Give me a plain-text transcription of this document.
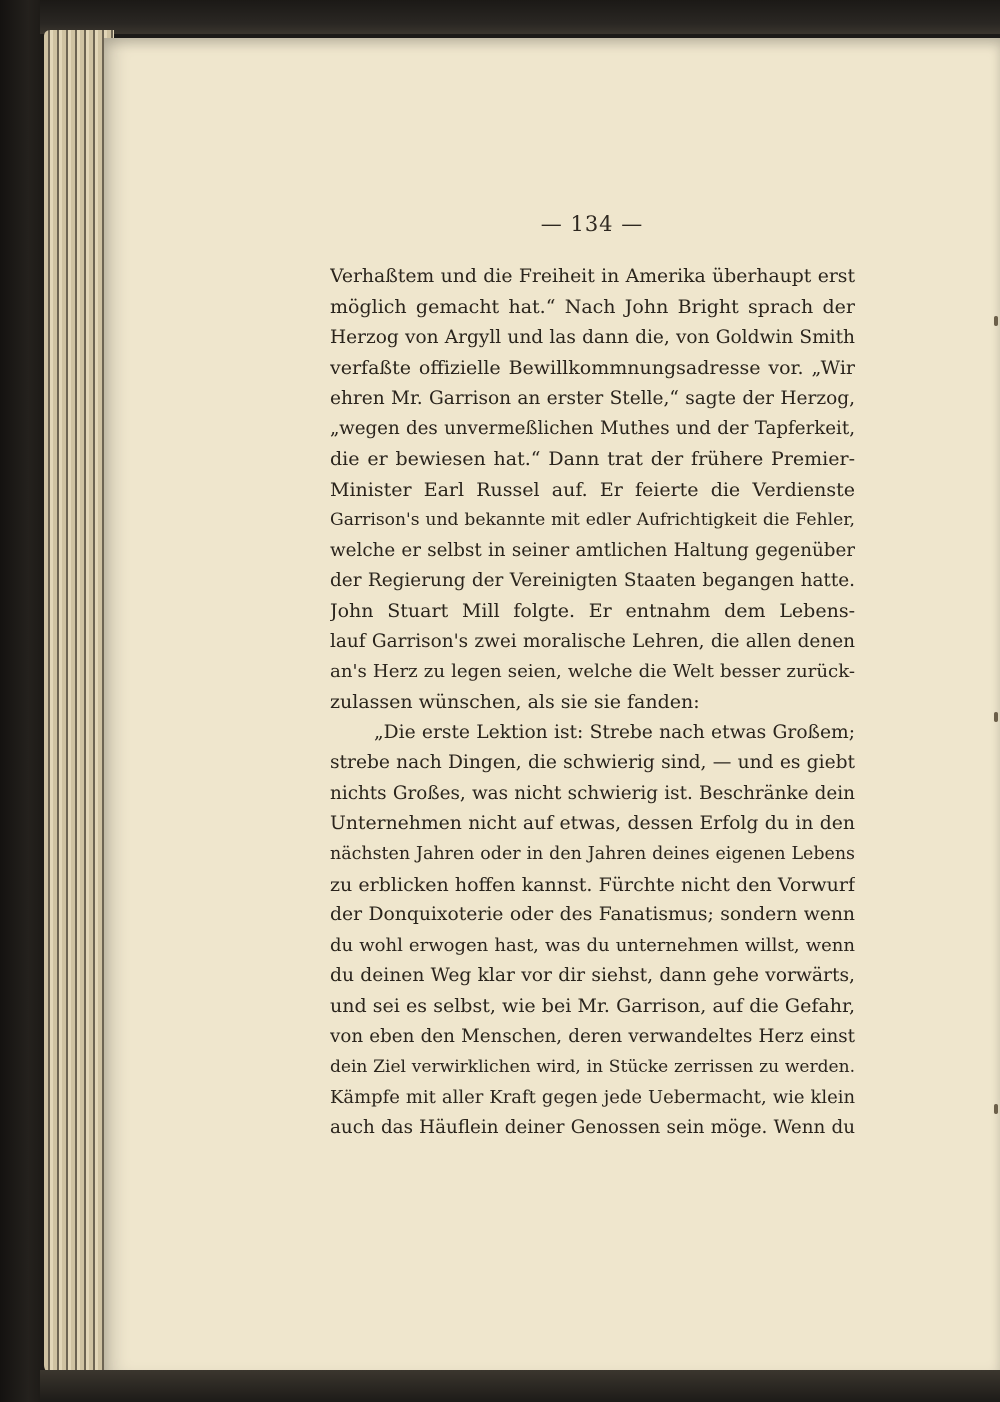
— 134 —
Verhaßtem und die Freiheit in Amerika überhaupt erst
möglich gemacht hat.“ Nach John Bright sprach der
Herzog von Argyll und las dann die, von Goldwin Smith
verfaßte offizielle Bewillkommnungsadresse vor. „Wir
ehren Mr. Garrison an erster Stelle,“ sagte der Herzog,
„wegen des unvermeßlichen Muthes und der Tapferkeit,
die er bewiesen hat.“ Dann trat der frühere Premier-
Minister Earl Russel auf. Er feierte die Verdienste
Garrison's und bekannte mit edler Aufrichtigkeit die Fehler,
welche er selbst in seiner amtlichen Haltung gegenüber
der Regierung der Vereinigten Staaten begangen hatte.
John Stuart Mill folgte. Er entnahm dem Lebens-
lauf Garrison's zwei moralische Lehren, die allen denen
an's Herz zu legen seien, welche die Welt besser zurück-
zulassen wünschen, als sie sie fanden:
„Die erste Lektion ist: Strebe nach etwas Großem;
strebe nach Dingen, die schwierig sind, — und es giebt
nichts Großes, was nicht schwierig ist. Beschränke dein
Unternehmen nicht auf etwas, dessen Erfolg du in den
nächsten Jahren oder in den Jahren deines eigenen Lebens
zu erblicken hoffen kannst. Fürchte nicht den Vorwurf
der Donquixoterie oder des Fanatismus; sondern wenn
du wohl erwogen hast, was du unternehmen willst, wenn
du deinen Weg klar vor dir siehst, dann gehe vorwärts,
und sei es selbst, wie bei Mr. Garrison, auf die Gefahr,
von eben den Menschen, deren verwandeltes Herz einst
dein Ziel verwirklichen wird, in Stücke zerrissen zu werden.
Kämpfe mit aller Kraft gegen jede Uebermacht, wie klein
auch das Häuflein deiner Genossen sein möge. Wenn du
